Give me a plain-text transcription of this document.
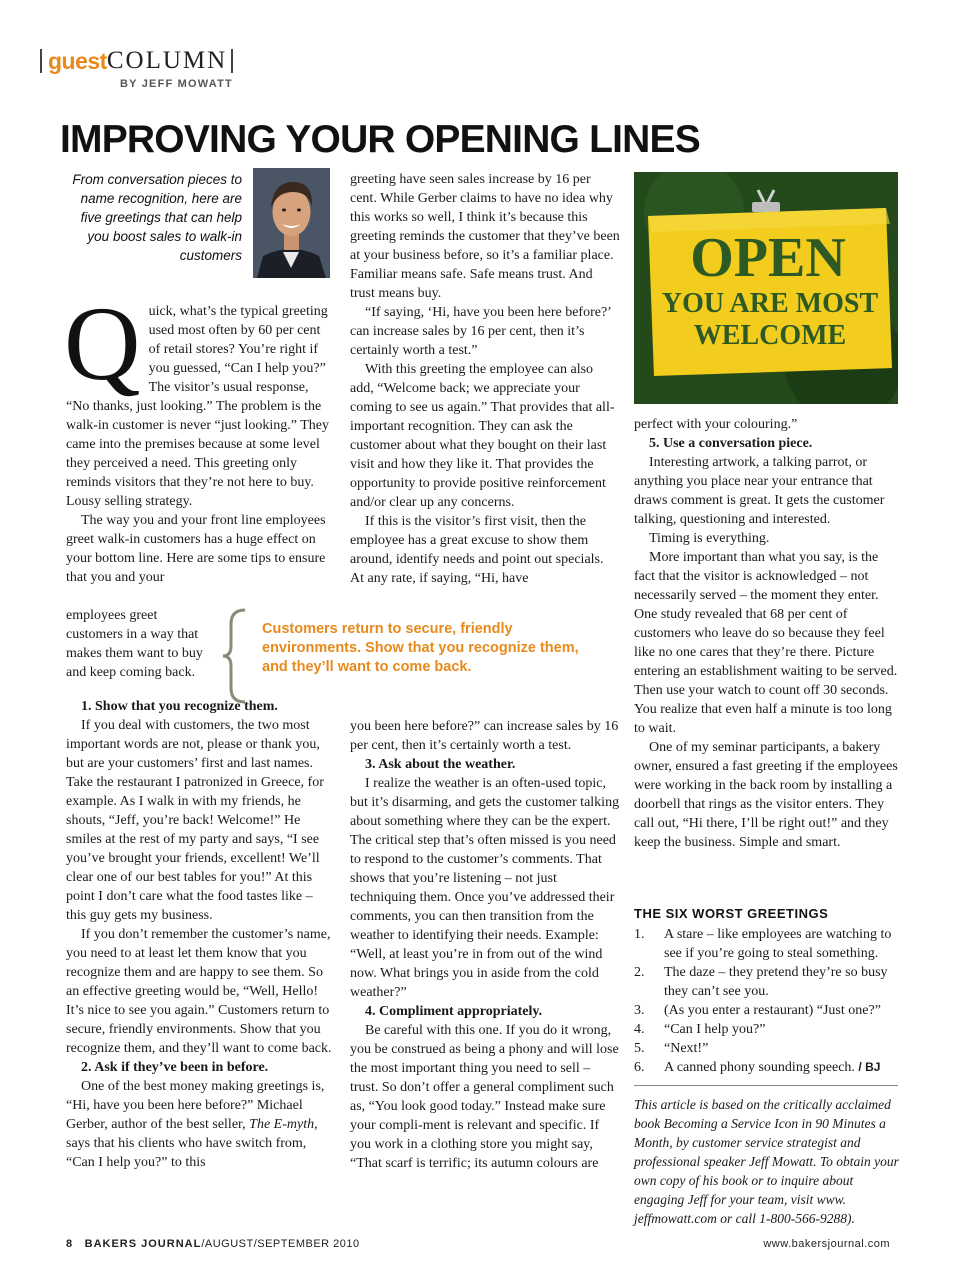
guest COLUMN
BY JEFF MOWATT
IMPROVING YOUR OPENING LINES
From conversation pieces to name recognition, here are five greetings that can help you boost sales to walk-in customers

Quick, what’s the typical greeting used most often by 60 per cent of retail stores? You’re right if you guessed, “Can I help you?” The visitor’s usual response, “No thanks, just looking.” The problem is the walk-in customer is never “just looking.” They came into the premises because at some level they perceived a need. This greeting only reminds visitors that they’re not here to buy. Lousy selling strategy.

The way you and your front line employees greet walk-in customers has a huge effect on your bottom line. Here are some tips to ensure that you and your

employees greet customers in a way that makes them want to buy and keep coming back.

Customers return to secure, friendly environments. Show that you recognize them, and they’ll want to come back.

1. Show that you recognize them.

If you deal with customers, the two most important words are not, please or thank you, but are your customers’ first and last names. Take the restaurant I patronized in Greece, for example. As I walk in with my friends, he shouts, “Jeff, you’re back! Welcome!” He smiles at the rest of my party and says, “I see you’ve brought your friends, excellent! We’ll clear one of our best tables for you!” At this point I don’t care what the food tastes like – this guy gets my business.

If you don’t remember the customer’s name, you need to at least let them know that you recognize them and are happy to see them. So an effective greeting would be, “Well, Hello! It’s nice to see you again.” Customers return to secure, friendly environments. Show that you recognize them, and they’ll want to come back.

2. Ask if they’ve been in before.

One of the best money making greetings is, “Hi, have you been here before?” Michael Gerber, author of the best seller, The E-myth, says that his clients who have switch from, “Can I help you?” to this

greeting have seen sales increase by 16 per cent. While Gerber claims to have no idea why this works so well, I think it’s because this greeting reminds the customer that they’ve been at your business before, so it’s a familiar place. Familiar means safe. Safe means trust. And trust means buy.

“If saying, ‘Hi, have you been here before?’ can increase sales by 16 per cent, then it’s certainly worth a test.”

With this greeting the employee can also add, “Welcome back; we appreciate your coming to see us again.” That provides that all-important recognition. They can ask the customer about what they bought on their last visit and how they like it. That provides the opportunity to provide positive reinforcement and/or clear up any concerns.

If this is the visitor’s first visit, then the employee has a great excuse to show them around, identify needs and point out specials. At any rate, if saying, “Hi, have

you been here before?” can increase sales by 16 per cent, then it’s certainly worth a test.

3. Ask about the weather.

I realize the weather is an often-used topic, but it’s disarming, and gets the customer talking about something where they can be the expert. The critical step that’s often missed is you need to respond to the customer’s comments. That shows that you’re listening – not just techniquing them. Once you’ve addressed their comments, you can then transition from the weather to identifying their needs. Example: “Well, at least you’re in from out of the wind now. What brings you in aside from the cold weather?”

4. Compliment appropriately.

Be careful with this one. If you do it wrong, you be construed as being a phony and will lose the most important thing you need to sell – trust. So don’t offer a general compliment such as, “You look good today.” Instead make sure your compli-ment is relevant and specific. If you work in a clothing store you might say, “That scarf is terrific; its autumn colours are

OPEN
YOU ARE MOST
WELCOME

perfect with your colouring.”

5. Use a conversation piece.

Interesting artwork, a talking parrot, or anything you place near your entrance that draws comment is great. It gets the customer talking, questioning and interested.

Timing is everything.

More important than what you say, is the fact that the visitor is acknowledged – not necessarily served – the moment they enter. One study revealed that 68 per cent of customers who leave do so because they feel like no one cares that they’re there. Picture entering an establishment waiting to be served. Then use your watch to count off 30 seconds. You realize that even half a minute is too long to wait.

One of my seminar participants, a bakery owner, ensured a fast greeting if the employees were working in the back room by installing a doorbell that rings as the visitor enters. They call out, “Hi there, I’ll be right out!” and they keep the business. Simple and smart.

THE SIX WORST GREETINGS
1.	A stare – like employees are watching to see if you’re going to steal something.
2.	The daze – they pretend they’re so busy they can’t see you.
3.	(As you enter a restaurant) “Just one?”
4.	“Can I help you?”
5.	“Next!”
6.	A canned phony sounding speech. / BJ
This article is based on the critically acclaimed book Becoming a Service Icon in 90 Minutes a Month, by customer service strategist and professional speaker Jeff Mowatt. To obtain your own copy of his book or to inquire about engaging Jeff for your team, visit www. jeffmowatt.com or call 1-800-566-9288).
8 BAKERS JOURNAL/AUGUST/SEPTEMBER 2010	www.bakersjournal.com
